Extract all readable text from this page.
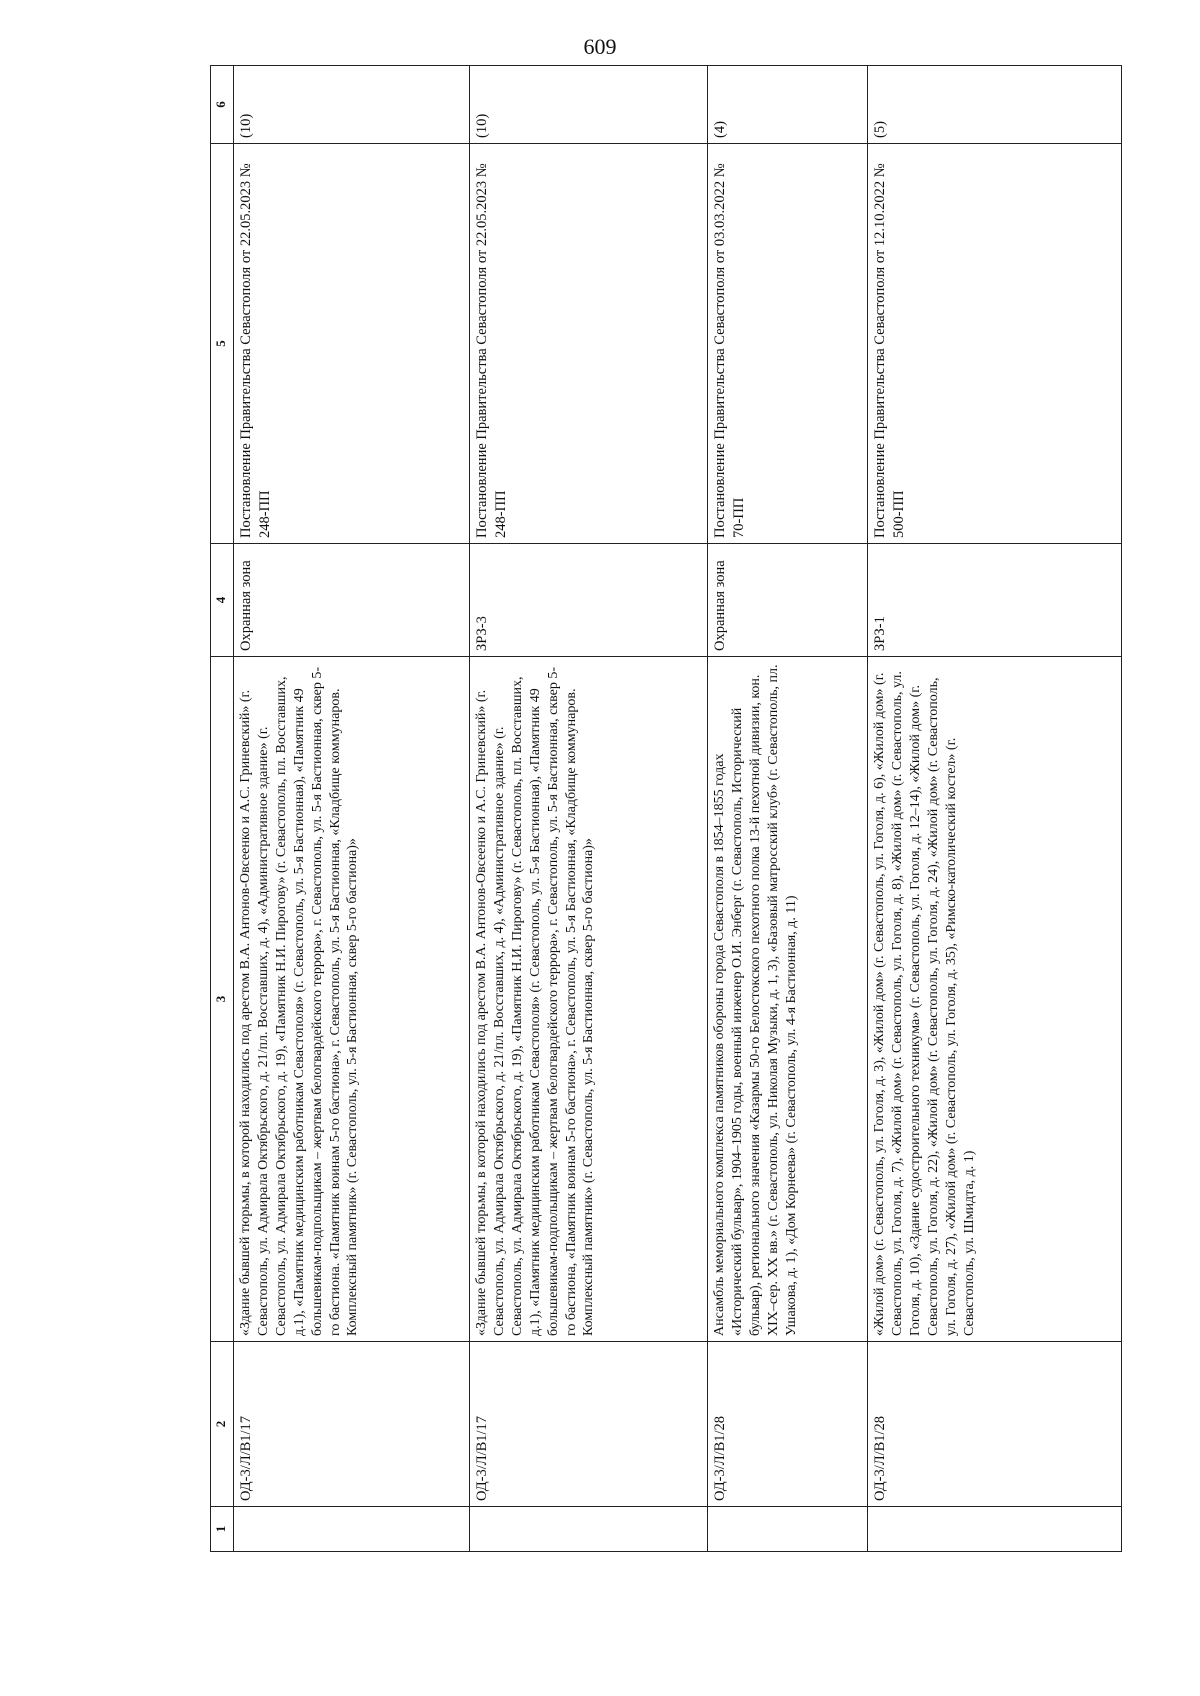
609
1	2	3	4	5	6
	ОД-3/Л/В1/17	«Здание бывшей тюрьмы, в которой находились под арестом В.А. Антонов-Овсеенко и А.С. Гриневский» (г. Севастополь, ул. Адмирала Октябрьского, д. 21/пл. Восставших, д. 4), «Административное здание» (г. Севастополь, ул. Адмирала Октябрьского, д. 19), «Памятник Н.И. Пирогову» (г. Севастополь, пл. Восставших, д.1), «Памятник медицинским работникам Севастополя» (г. Севастополь, ул. 5-я Бастионная), «Памятник 49 большевикам-подпольщикам – жертвам белогвардейского террора», г. Севастополь, ул. 5-я Бастионная, сквер 5-го бастиона. «Памятник воинам 5-го бастиона», г. Севастополь, ул. 5-я Бастионная, «Кладбище коммунаров. Комплексный памятник» (г. Севастополь, ул. 5-я Бастионная, сквер 5-го бастиона)»	Охранная зона	Постановление Правительства Севастополя от 22.05.2023 № 248-ПП	(10)
	ОД-3/Л/В1/17	«Здание бывшей тюрьмы, в которой находились под арестом В.А. Антонов-Овсеенко и А.С. Гриневский» (г. Севастополь, ул. Адмирала Октябрьского, д. 21/пл. Восставших, д. 4), «Административное здание» (г. Севастополь, ул. Адмирала Октябрьского, д. 19), «Памятник Н.И. Пирогову» (г. Севастополь, пл. Восставших, д.1), «Памятник медицинским работникам Севастополя» (г. Севастополь, ул. 5-я Бастионная), «Памятник 49 большевикам-подпольщикам – жертвам белогвардейского террора», г. Севастополь, ул. 5-я Бастионная, сквер 5-го бастиона, «Памятник воинам 5-го бастиона», г. Севастополь, ул. 5-я Бастионная, «Кладбище коммунаров. Комплексный памятник» (г. Севастополь, ул. 5-я Бастионная, сквер 5-го бастиона)»	ЗРЗ-3	Постановление Правительства Севастополя от 22.05.2023 № 248-ПП	(10)
	ОД-3/Л/В1/28	Ансамбль мемориального комплекса памятников обороны города Севастополя в 1854–1855 годах «Исторический бульвар», 1904–1905 годы, военный инженер О.И. Энберг (г. Севастополь, Исторический бульвар), регионального значения «Казармы 50-го Белостокского пехотного полка 13-й пехотной дивизии, кон. XIX–сер. XX вв.» (г. Севастополь, ул. Николая Музыки, д. 1, 3), «Базовый матросский клуб» (г. Севастополь, пл. Ушакова, д. 1), «Дом Корнеева» (г. Севастополь, ул. 4-я Бастионная, д. 11)	Охранная зона	Постановление Правительства Севастополя от 03.03.2022 № 70-ПП	(4)
	ОД-3/Л/В1/28	«Жилой дом» (г. Севастополь, ул. Гоголя, д. 3), «Жилой дом» (г. Севастополь, ул. Гоголя, д. 6), «Жилой дом» (г. Севастополь, ул. Гоголя, д. 7), «Жилой дом» (г. Севастополь, ул. Гоголя, д. 8), «Жилой дом» (г. Севастополь, ул. Гоголя, д. 10), «Здание судостроительного техникума» (г. Севастополь, ул. Гоголя, д. 12–14), «Жилой дом» (г. Севастополь, ул. Гоголя, д. 22), «Жилой дом» (г. Севастополь, ул. Гоголя, д. 24), «Жилой дом» (г. Севастополь, ул. Гоголя, д. 27), «Жилой дом» (г. Севастополь, ул. Гоголя, д. 35), «Римско-католический костел» (г. Севастополь, ул. Шмидта, д. 1)	ЗРЗ-1	Постановление Правительства Севастополя от 12.10.2022 № 500-ПП	(5)
